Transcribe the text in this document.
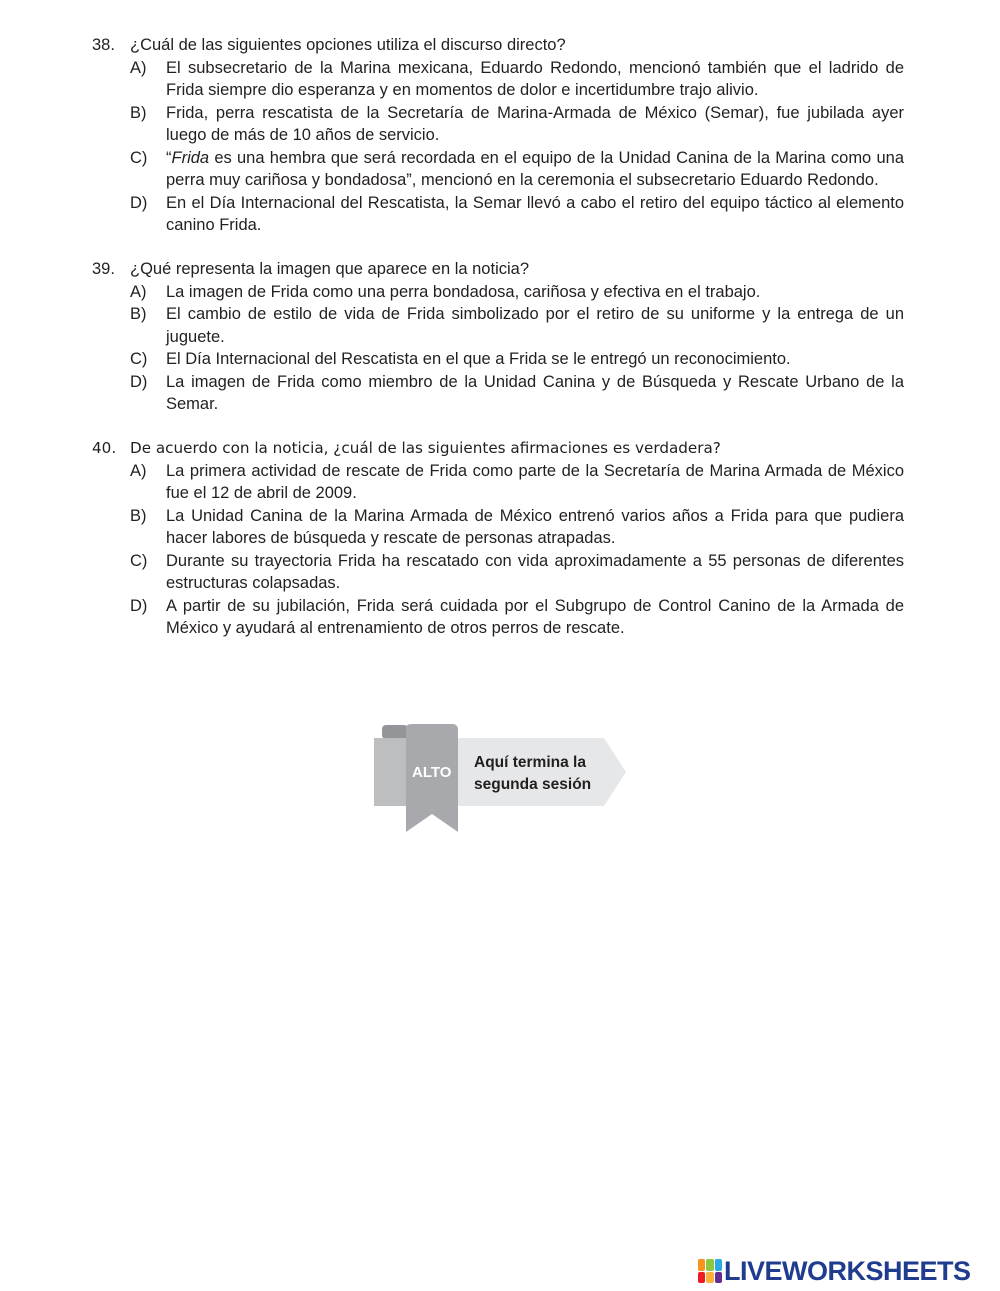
38. ¿Cuál de las siguientes opciones utiliza el discurso directo?
A) El subsecretario de la Marina mexicana, Eduardo Redondo, mencionó también que el ladrido de Frida siempre dio esperanza y en momentos de dolor e incertidumbre trajo alivio.
B) Frida, perra rescatista de la Secretaría de Marina-Armada de México (Semar), fue jubilada ayer luego de más de 10 años de servicio.
C) “Frida es una hembra que será recordada en el equipo de la Unidad Canina de la Marina como una perra muy cariñosa y bondadosa”, mencionó en la ceremonia el subsecretario Eduardo Redondo.
D) En el Día Internacional del Rescatista, la Semar llevó a cabo el retiro del equipo táctico al elemento canino Frida.
39. ¿Qué representa la imagen que aparece en la noticia?
A) La imagen de Frida como una perra bondadosa, cariñosa y efectiva en el trabajo.
B) El cambio de estilo de vida de Frida simbolizado por el retiro de su uniforme y la entrega de un juguete.
C) El Día Internacional del Rescatista en el que a Frida se le entregó un reconocimiento.
D) La imagen de Frida como miembro de la Unidad Canina y de Búsqueda y Rescate Urbano de la Semar.
40. De acuerdo con la noticia, ¿cuál de las siguientes afirmaciones es verdadera?
A) La primera actividad de rescate de Frida como parte de la Secretaría de Marina Armada de México fue el 12 de abril de 2009.
B) La Unidad Canina de la Marina Armada de México entrenó varios años a Frida para que pudiera hacer labores de búsqueda y rescate de personas atrapadas.
C) Durante su trayectoria Frida ha rescatado con vida aproximadamente a 55 personas de diferentes estructuras colapsadas.
D) A partir de su jubilación, Frida será cuidada por el Subgrupo de Control Canino de la Armada de México y ayudará al entrenamiento de otros perros de rescate.
ALTO
Aquí termina la
segunda sesión
LIVEWORKSHEETS
